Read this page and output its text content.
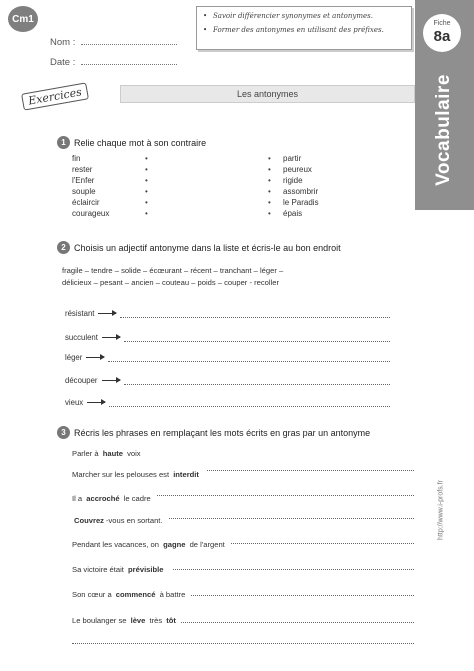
Cm1
Nom :
Date :
• Savoir différencier synonymes et antonymes.
• Former des antonymes en utilisant des préfixes.
Fiche
8a
Vocabulaire
http://www.i-profs.fr
Les antonymes
Exercices
1 Relie chaque mot à son contraire
fin
rester
l'Enfer
souple
éclaircir
courageux
•
•
•
•
•
•
•
•
•
•
•
•
partir
peureux
rigide
assombrir
le Paradis
épais
2 Choisis un adjectif antonyme dans la liste et écris-le au bon endroit
fragile – tendre – solide – écœurant – récent – tranchant – léger –
délicieux – pesant – ancien – couteau – poids – couper - recoller
résistant
succulent
léger
découper
vieux
3 Récris les phrases en remplaçant les mots écrits en gras par un antonyme
Parler à haute voix
Marcher sur les pelouses est interdit
Il a accroché le cadre
Couvrez -vous en sortant.
Pendant les vacances, on gagne de l'argent
Sa victoire était prévisible
Son cœur a commencé à battre
Le boulanger se lève très tôt
